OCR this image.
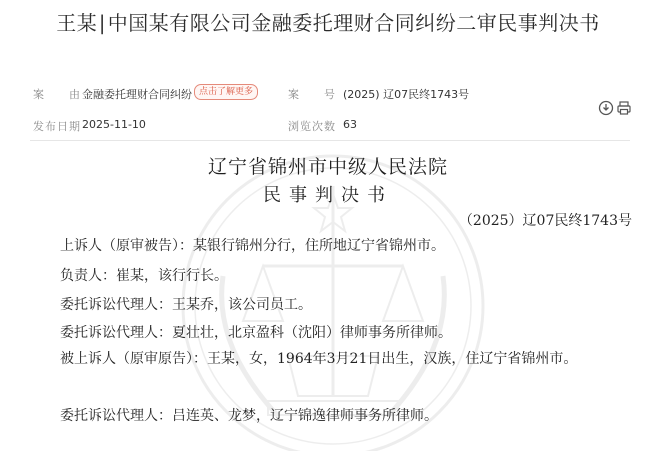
王某∣中国某有限公司金融委托理财合同纠纷二审民事判决书
案　　由 金融委托理财合同纠纷	案　　号 (2025) 辽07民终1743号
点击了解更多
发布日期 2025-11-10	浏览次数 63
辽宁省锦州市中级人民法院
民事判决书
（2025）辽07民终1743号
上诉人（原审被告）：某银行锦州分行，住所地辽宁省锦州市。
负责人：崔某，该行行长。
委托诉讼代理人：王某乔，该公司员工。
委托诉讼代理人：夏壮壮，北京盈科（沈阳）律师事务所律师。
被上诉人（原审原告）：王某，女，1964年3月21日出生，汉族，住辽宁省锦州市。
委托诉讼代理人：吕连英、龙梦，辽宁锦逸律师事务所律师。
